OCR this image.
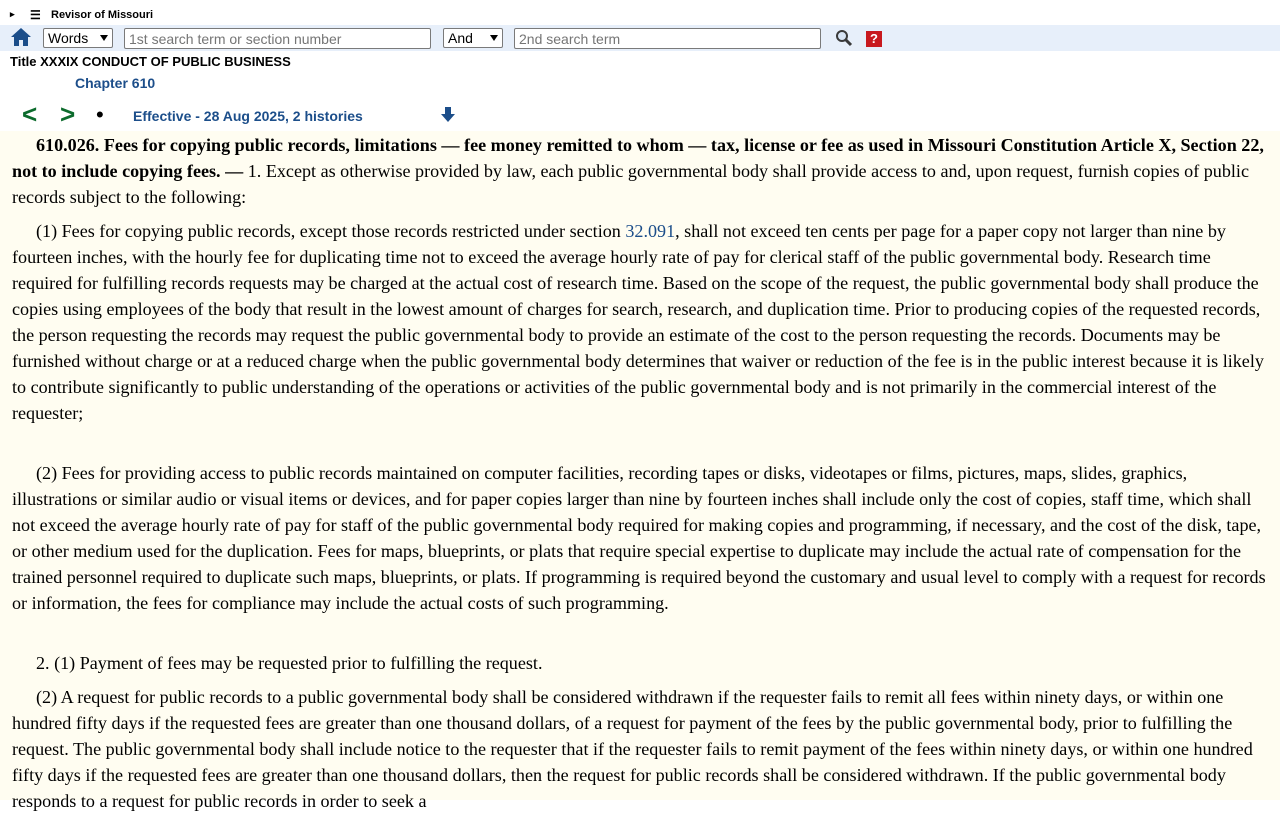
▸ ☰ Revisor of Missouri
Words
1st search term or section number	And
2nd search term	?
Title XXXIX CONDUCT OF PUBLIC BUSINESS
Chapter 610
< > • Effective - 28 Aug 2025, 2 histories

610.026. Fees for copying public records, limitations — fee money remitted to whom — tax, license or fee as used in Missouri Constitution Article X, Section 22, not to include copying fees. — 1. Except as otherwise provided by law, each public governmental body shall provide access to and, upon request, furnish copies of public records subject to the following:

(1) Fees for copying public records, except those records restricted under section 32.091, shall not exceed ten cents per page for a paper copy not larger than nine by fourteen inches, with the hourly fee for duplicating time not to exceed the average hourly rate of pay for clerical staff of the public governmental body. Research time required for fulfilling records requests may be charged at the actual cost of research time. Based on the scope of the request, the public governmental body shall produce the copies using employees of the body that result in the lowest amount of charges for search, research, and duplication time. Prior to producing copies of the requested records, the person requesting the records may request the public governmental body to provide an estimate of the cost to the person requesting the records. Documents may be furnished without charge or at a reduced charge when the public governmental body determines that waiver or reduction of the fee is in the public interest because it is likely to contribute significantly to public understanding of the operations or activities of the public governmental body and is not primarily in the commercial interest of the requester;

(2) Fees for providing access to public records maintained on computer facilities, recording tapes or disks, videotapes or films, pictures, maps, slides, graphics, illustrations or similar audio or visual items or devices, and for paper copies larger than nine by fourteen inches shall include only the cost of copies, staff time, which shall not exceed the average hourly rate of pay for staff of the public governmental body required for making copies and programming, if necessary, and the cost of the disk, tape, or other medium used for the duplication. Fees for maps, blueprints, or plats that require special expertise to duplicate may include the actual rate of compensation for the trained personnel required to duplicate such maps, blueprints, or plats. If programming is required beyond the customary and usual level to comply with a request for records or information, the fees for compliance may include the actual costs of such programming.

2. (1) Payment of fees may be requested prior to fulfilling the request.

(2) A request for public records to a public governmental body shall be considered withdrawn if the requester fails to remit all fees within ninety days, or within one hundred fifty days if the requested fees are greater than one thousand dollars, of a request for payment of the fees by the public governmental body, prior to fulfilling the request. The public governmental body shall include notice to the requester that if the requester fails to remit payment of the fees within ninety days, or within one hundred fifty days if the requested fees are greater than one thousand dollars, then the request for public records shall be considered withdrawn. If the public governmental body responds to a request for public records in order to seek a
